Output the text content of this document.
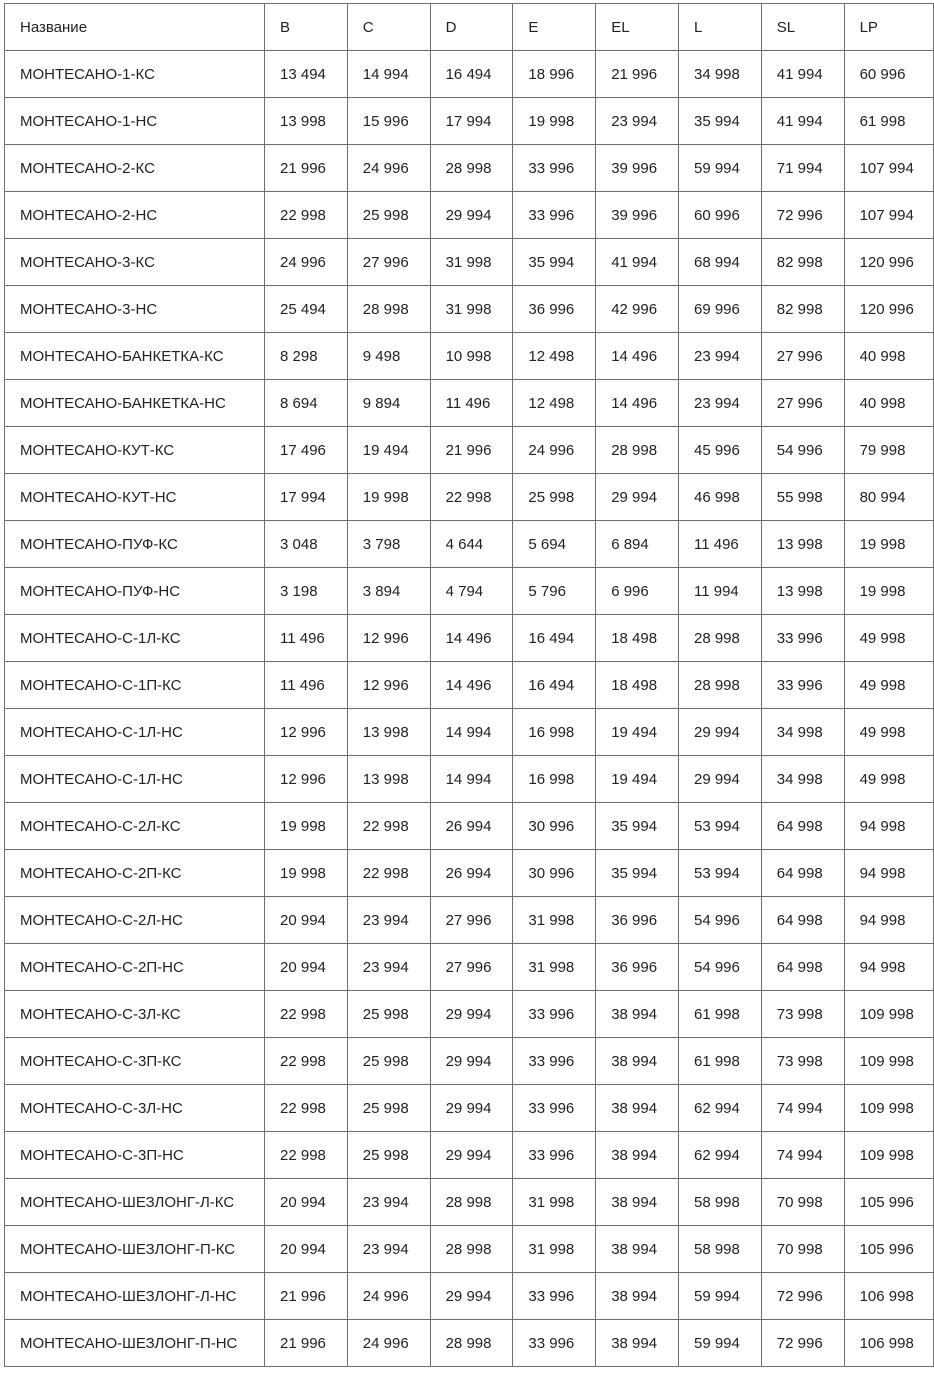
Название	B	C	D	E	EL	L	SL	LP
МОНТЕСАНО-1-КС	13 494	14 994	16 494	18 996	21 996	34 998	41 994	60 996
МОНТЕСАНО-1-НС	13 998	15 996	17 994	19 998	23 994	35 994	41 994	61 998
МОНТЕСАНО-2-КС	21 996	24 996	28 998	33 996	39 996	59 994	71 994	107 994
МОНТЕСАНО-2-НС	22 998	25 998	29 994	33 996	39 996	60 996	72 996	107 994
МОНТЕСАНО-3-КС	24 996	27 996	31 998	35 994	41 994	68 994	82 998	120 996
МОНТЕСАНО-3-НС	25 494	28 998	31 998	36 996	42 996	69 996	82 998	120 996
МОНТЕСАНО-БАНКЕТКА-КС	8 298	9 498	10 998	12 498	14 496	23 994	27 996	40 998
МОНТЕСАНО-БАНКЕТКА-НС	8 694	9 894	11 496	12 498	14 496	23 994	27 996	40 998
МОНТЕСАНО-КУТ-КС	17 496	19 494	21 996	24 996	28 998	45 996	54 996	79 998
МОНТЕСАНО-КУТ-НС	17 994	19 998	22 998	25 998	29 994	46 998	55 998	80 994
МОНТЕСАНО-ПУФ-КС	3 048	3 798	4 644	5 694	6 894	11 496	13 998	19 998
МОНТЕСАНО-ПУФ-НС	3 198	3 894	4 794	5 796	6 996	11 994	13 998	19 998
МОНТЕСАНО-С-1Л-КС	11 496	12 996	14 496	16 494	18 498	28 998	33 996	49 998
МОНТЕСАНО-С-1П-КС	11 496	12 996	14 496	16 494	18 498	28 998	33 996	49 998
МОНТЕСАНО-С-1Л-НС	12 996	13 998	14 994	16 998	19 494	29 994	34 998	49 998
МОНТЕСАНО-С-1Л-НС	12 996	13 998	14 994	16 998	19 494	29 994	34 998	49 998
МОНТЕСАНО-С-2Л-КС	19 998	22 998	26 994	30 996	35 994	53 994	64 998	94 998
МОНТЕСАНО-С-2П-КС	19 998	22 998	26 994	30 996	35 994	53 994	64 998	94 998
МОНТЕСАНО-С-2Л-НС	20 994	23 994	27 996	31 998	36 996	54 996	64 998	94 998
МОНТЕСАНО-С-2П-НС	20 994	23 994	27 996	31 998	36 996	54 996	64 998	94 998
МОНТЕСАНО-С-3Л-КС	22 998	25 998	29 994	33 996	38 994	61 998	73 998	109 998
МОНТЕСАНО-С-3П-КС	22 998	25 998	29 994	33 996	38 994	61 998	73 998	109 998
МОНТЕСАНО-С-3Л-НС	22 998	25 998	29 994	33 996	38 994	62 994	74 994	109 998
МОНТЕСАНО-С-3П-НС	22 998	25 998	29 994	33 996	38 994	62 994	74 994	109 998
МОНТЕСАНО-ШЕЗЛОНГ-Л-КС	20 994	23 994	28 998	31 998	38 994	58 998	70 998	105 996
МОНТЕСАНО-ШЕЗЛОНГ-П-КС	20 994	23 994	28 998	31 998	38 994	58 998	70 998	105 996
МОНТЕСАНО-ШЕЗЛОНГ-Л-НС	21 996	24 996	29 994	33 996	38 994	59 994	72 996	106 998
МОНТЕСАНО-ШЕЗЛОНГ-П-НС	21 996	24 996	28 998	33 996	38 994	59 994	72 996	106 998
